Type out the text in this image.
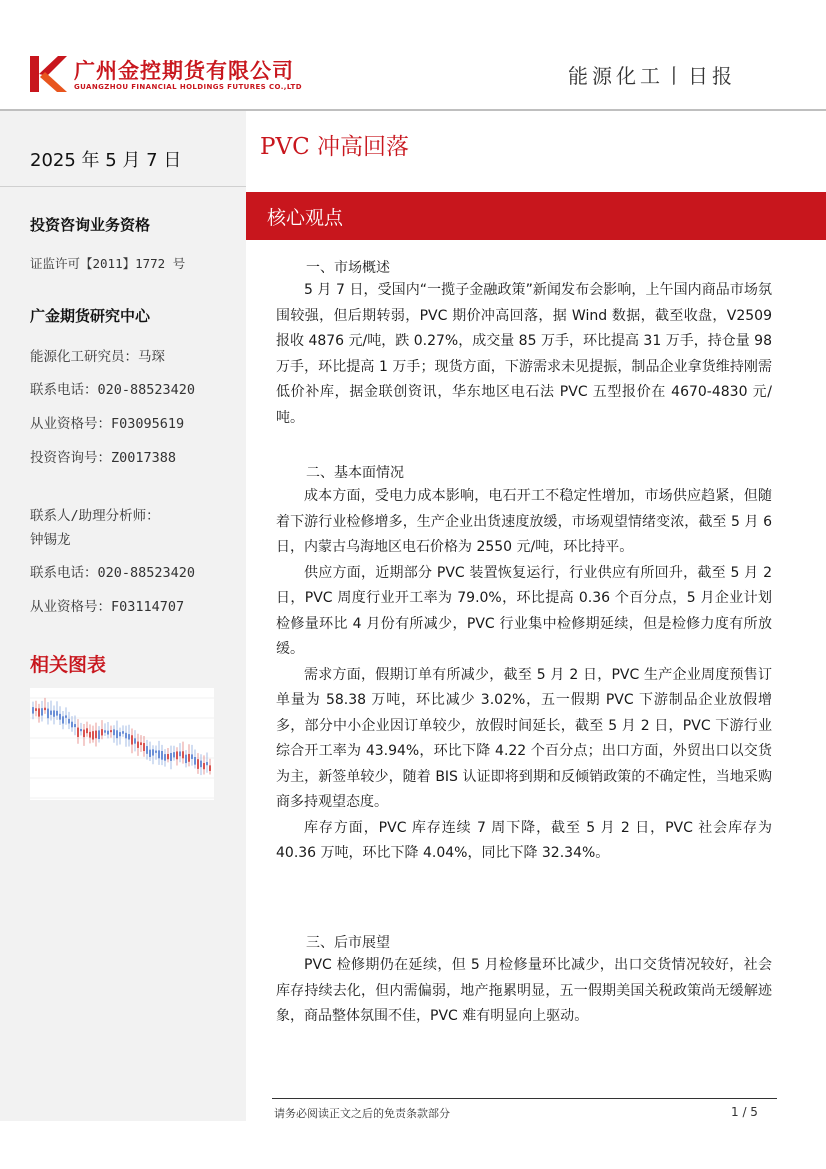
广州金控期货有限公司
GUANGZHOU FINANCIAL HOLDINGS FUTURES CO.,LTD	能源化工丨日报
2025 年 5 月 7 日
投资咨询业务资格
证监许可【2011】1772 号
广金期货研究中心
能源化工研究员：马琛
联系电话：020-88523420
从业资格号：F03095619
投资咨询号：Z0017388
联系人/助理分析师：
钟锡龙
联系电话：020-88523420
从业资格号：F03114707
相关图表
PVC 冲高回落
核心观点
一、市场概述

5 月 7 日，受国内“一揽子金融政策”新闻发布会影响，上午国内商品市场氛围较强，但后期转弱，PVC 期价冲高回落，据 Wind 数据，截至收盘，V2509 报收 4876 元/吨，跌 0.27%，成交量 85 万手，环比提高 31 万手，持仓量 98 万手，环比提高 1 万手；现货方面，下游需求未见提振，制品企业拿货维持刚需低价补库，据金联创资讯，华东地区电石法 PVC 五型报价在 4670-4830 元/吨。

二、基本面情况

成本方面，受电力成本影响，电石开工不稳定性增加，市场供应趋紧，但随着下游行业检修增多，生产企业出货速度放缓，市场观望情绪变浓，截至 5 月 6 日，内蒙古乌海地区电石价格为 2550 元/吨，环比持平。

供应方面，近期部分 PVC 装置恢复运行，行业供应有所回升，截至 5 月 2 日，PVC 周度行业开工率为 79.0%，环比提高 0.36 个百分点，5 月企业计划检修量环比 4 月份有所减少，PVC 行业集中检修期延续，但是检修力度有所放缓。

需求方面，假期订单有所减少，截至 5 月 2 日，PVC 生产企业周度预售订单量为 58.38 万吨，环比减少 3.02%，五一假期 PVC 下游制品企业放假增多，部分中小企业因订单较少，放假时间延长，截至 5 月 2 日，PVC 下游行业综合开工率为 43.94%，环比下降 4.22 个百分点；出口方面，外贸出口以交货为主，新签单较少，随着 BIS 认证即将到期和反倾销政策的不确定性，当地采购商多持观望态度。

库存方面，PVC 库存连续 7 周下降，截至 5 月 2 日，PVC 社会库存为 40.36 万吨，环比下降 4.04%，同比下降 32.34%。

三、后市展望

PVC 检修期仍在延续，但 5 月检修量环比减少，出口交货情况较好，社会库存持续去化，但内需偏弱，地产拖累明显，五一假期美国关税政策尚无缓解迹象，商品整体氛围不佳，PVC 难有明显向上驱动。

请务必阅读正文之后的免责条款部分	1 / 5
